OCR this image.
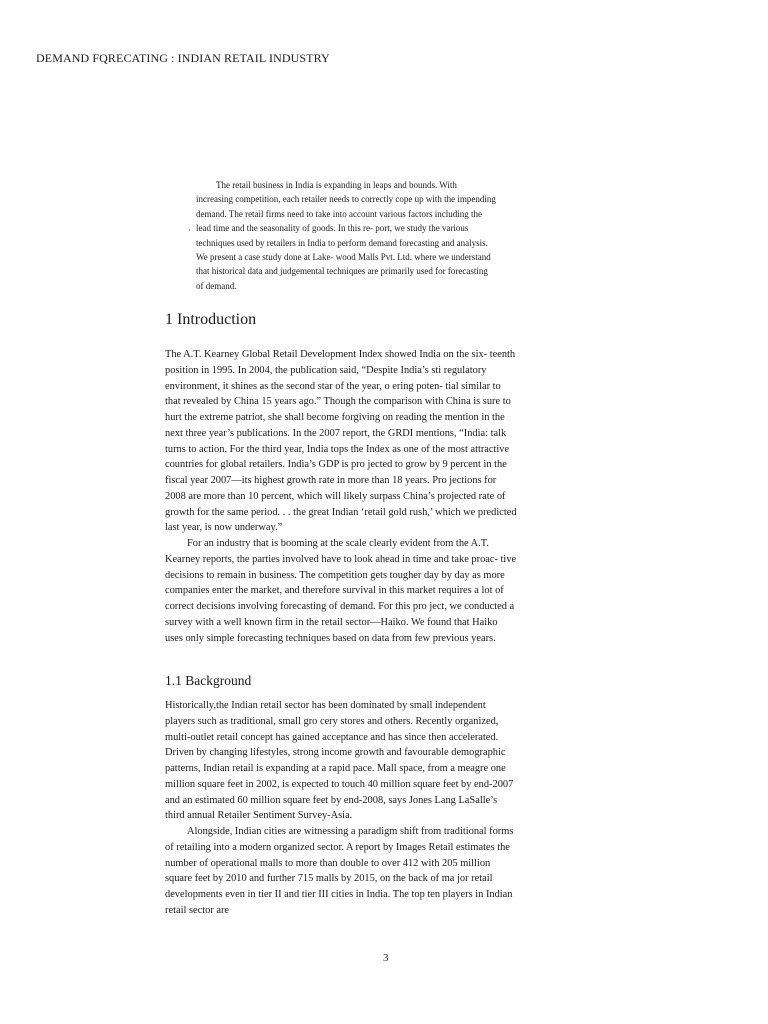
DEMAND FQRECATING : INDIAN RETAIL INDUSTRY
·

The retail business in India is expanding in leaps and bounds. With increasing competition, each retailer needs to correctly cope up with the impending demand. The retail firms need to take into account various factors including the lead time and the seasonality of goods. In this re- port, we study the various techniques used by retailers in India to perform demand forecasting and analysis. We present a case study done at Lake- wood Malls Pvt. Ltd. where we understand that historical data and judgemental techniques are primarily used for forecasting of demand.

1 Introduction

The A.T. Kearney Global Retail Development Index showed India on the six- teenth position in 1995. In 2004, the publication said, “Despite India’s sti regulatory environment, it shines as the second star of the year, o ering poten- tial similar to that revealed by China 15 years ago.” Though the comparison with China is sure to hurt the extreme patriot, she shall become forgiving on reading the mention in the next three year’s publications. In the 2007 report, the GRDI mentions, “India: talk turns to action. For the third year, India tops the Index as one of the most attractive countries for global retailers. India’s GDP is pro jected to grow by 9 percent in the fiscal year 2007—its highest growth rate in more than 18 years. Pro jections for 2008 are more than 10 percent, which will likely surpass China’s projected rate of growth for the same period. . . the great Indian ‘retail gold rush,’ which we predicted last year, is now underway.”

For an industry that is booming at the scale clearly evident from the A.T. Kearney reports, the parties involved have to look ahead in time and take proac- tive decisions to remain in business. The competition gets tougher day by day as more companies enter the market, and therefore survival in this market requires a lot of correct decisions involving forecasting of demand. For this pro ject, we conducted a survey with a well known firm in the retail sector—Haiko. We found that Haiko uses only simple forecasting techniques based on data from few previous years.

1.1 Background

Historically,the Indian retail sector has been dominated by small independent players such as traditional, small gro cery stores and others. Recently organized, multi-outlet retail concept has gained acceptance and has since then accelerated. Driven by changing lifestyles, strong income growth and favourable demographic patterns, Indian retail is expanding at a rapid pace. Mall space, from a meagre one million square feet in 2002, is expected to touch 40 million square feet by end-2007 and an estimated 60 million square feet by end-2008, says Jones Lang LaSalle’s third annual Retailer Sentiment Survey-Asia.

Alongside, Indian cities are witnessing a paradigm shift from traditional forms of retailing into a modern organized sector. A report by Images Retail estimates the number of operational malls to more than double to over 412 with 205 million square feet by 2010 and further 715 malls by 2015, on the back of ma jor retail developments even in tier II and tier III cities in India. The top ten players in Indian retail sector are

3
